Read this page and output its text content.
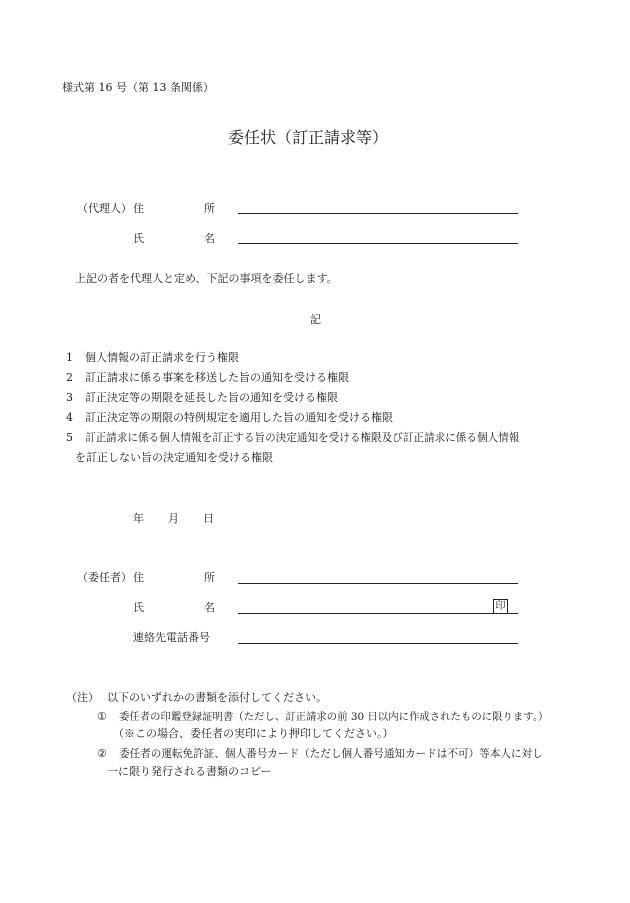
様式第 16 号（第 13 条関係）
委任状（訂正請求等）
（代理人） 住	所
氏	名
上記の者を代理人と定め、下記の事項を委任します。
記
1 個人情報の訂正請求を行う権限
2 訂正請求に係る事案を移送した旨の通知を受ける権限
3 訂正決定等の期限を延長した旨の通知を受ける権限
4 訂正決定等の期限の特例規定を適用した旨の通知を受ける権限
5 訂正請求に係る個人情報を訂正する旨の決定通知を受ける権限及び訂正請求に係る個人情報
を訂正しない旨の決定通知を受ける権限
年 月 日
（委任者） 住	所
氏	名	印
連絡先電話番号
（注） 以下のいずれかの書類を添付してください。
① 委任者の印鑑登録証明書（ただし、訂正請求の前 30 日以内に作成されたものに限ります。）
（※この場合、委任者の実印により押印してください。）
② 委任者の運転免許証、個人番号カード（ただし個人番号通知カードは不可）等本人に対し
一に限り発行される書類のコピー
